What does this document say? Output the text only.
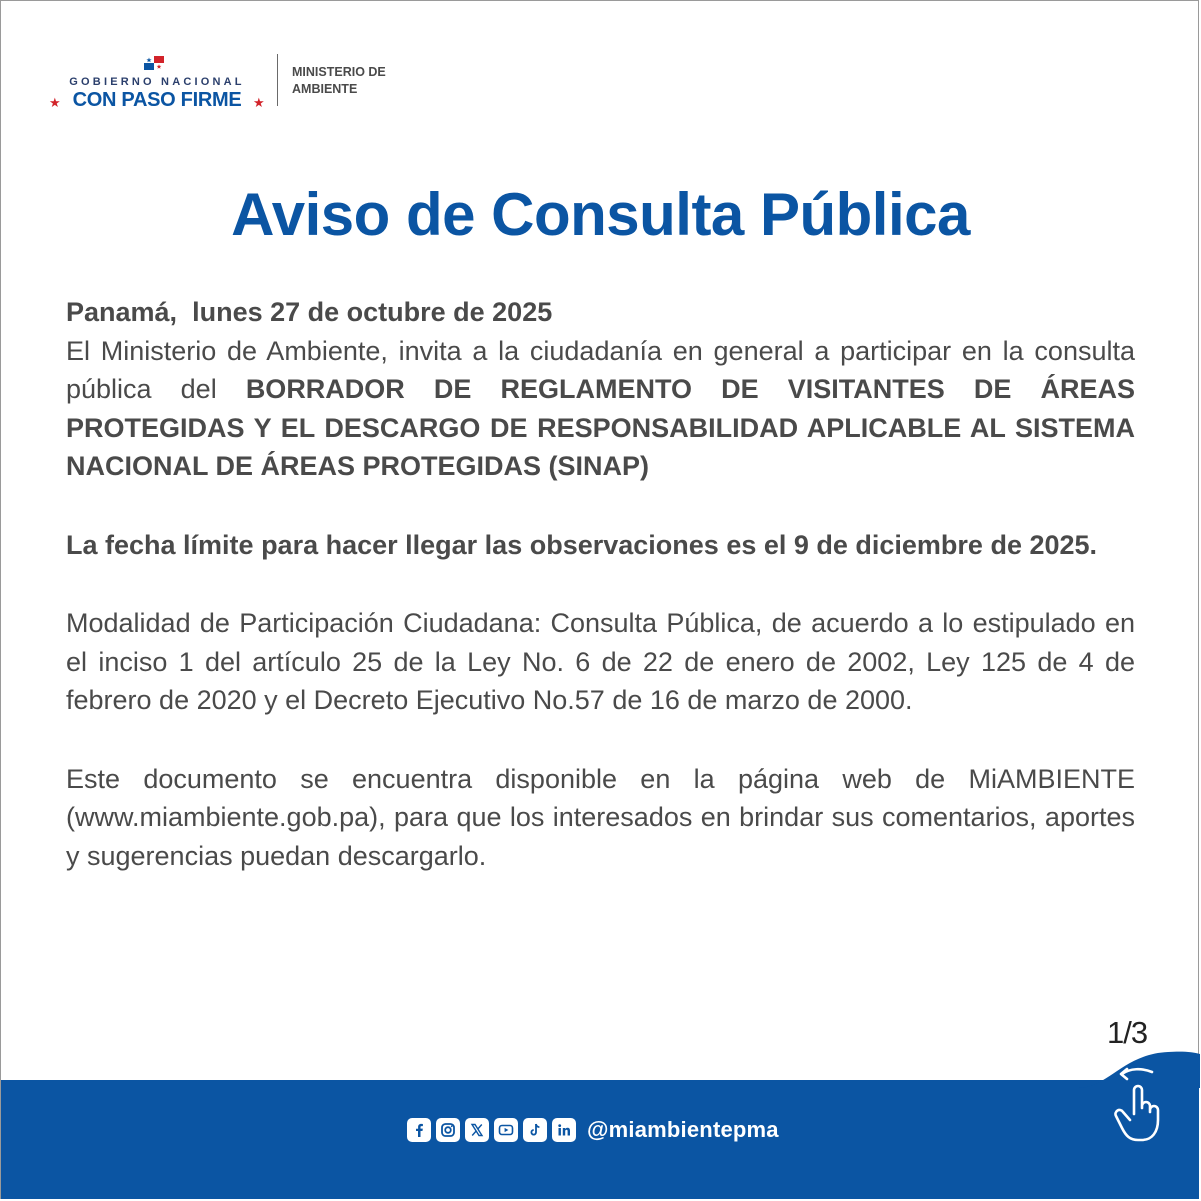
GOBIERNO NACIONAL
★ CON PASO FIRME ★
MINISTERIO DE
AMBIENTE
Aviso de Consulta Pública

Panamá, lunes 27 de octubre de 2025

El Ministerio de Ambiente, invita a la ciudadanía en general a participar en la consulta pública del BORRADOR DE REGLAMENTO DE VISITANTES DE ÁREAS PROTEGIDAS Y EL DESCARGO DE RESPONSABILIDAD APLICABLE AL SISTEMA NACIONAL DE ÁREAS PROTEGIDAS (SINAP)

La fecha límite para hacer llegar las observaciones es el 9 de diciembre de 2025.

Modalidad de Participación Ciudadana: Consulta Pública, de acuerdo a lo estipulado en el inciso 1 del artículo 25 de la Ley No. 6 de 22 de enero de 2002, Ley 125 de 4 de febrero de 2020 y el Decreto Ejecutivo No.57 de 16 de marzo de 2000.

Este documento se encuentra disponible en la página web de MiAMBIENTE (www.miambiente.gob.pa), para que los interesados en brindar sus comentarios, aportes y sugerencias puedan descargarlo.

1/3
@miambientepma
